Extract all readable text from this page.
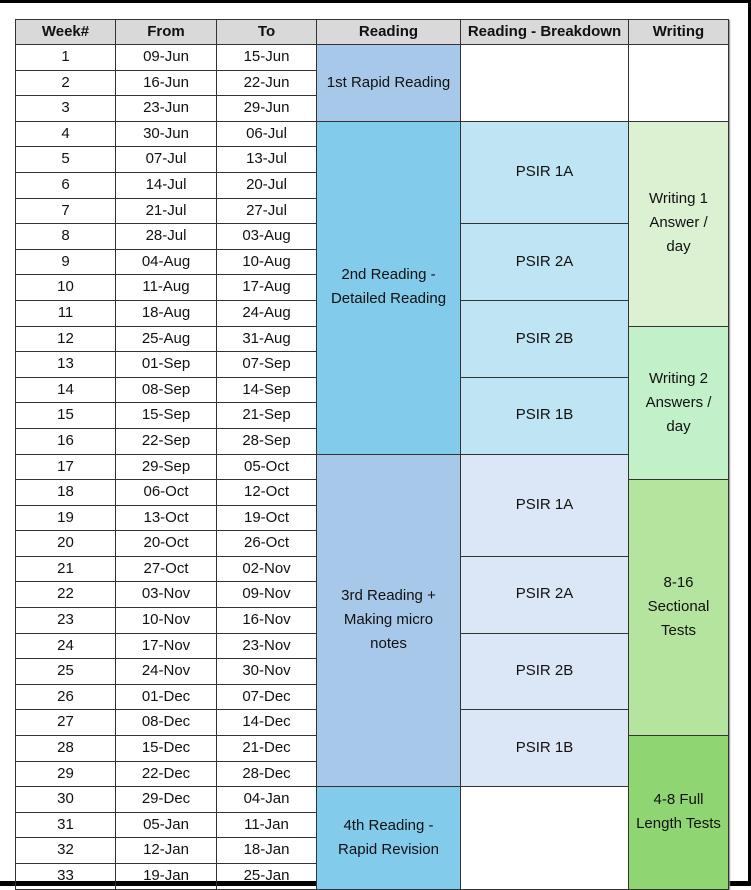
Week#	From	To	Reading	Reading - Breakdown	Writing
1	09-Jun	15-Jun	1st Rapid Reading		
2	16-Jun	22-Jun			
3	23-Jun	29-Jun			
4	30-Jun	06-Jul	2nd Reading - Detailed Reading	PSIR 1A	Writing 1 Answer / day
5	07-Jul	13-Jul			
6	14-Jul	20-Jul			
7	21-Jul	27-Jul			
8	28-Jul	03-Aug		PSIR 2A	
9	04-Aug	10-Aug			
10	11-Aug	17-Aug			
11	18-Aug	24-Aug		PSIR 2B	
12	25-Aug	31-Aug			Writing 2 Answers / day
13	01-Sep	07-Sep			
14	08-Sep	14-Sep		PSIR 1B	
15	15-Sep	21-Sep			
16	22-Sep	28-Sep			
17	29-Sep	05-Oct	3rd Reading + Making micro notes	PSIR 1A	
18	06-Oct	12-Oct			8-16 Sectional Tests
19	13-Oct	19-Oct			
20	20-Oct	26-Oct			
21	27-Oct	02-Nov		PSIR 2A	
22	03-Nov	09-Nov			
23	10-Nov	16-Nov			
24	17-Nov	23-Nov		PSIR 2B	
25	24-Nov	30-Nov			
26	01-Dec	07-Dec			
27	08-Dec	14-Dec		PSIR 1B	
28	15-Dec	21-Dec			4-8 Full Length Tests
29	22-Dec	28-Dec			
30	29-Dec	04-Jan	4th Reading - Rapid Revision		
31	05-Jan	11-Jan			
32	12-Jan	18-Jan			
33	19-Jan	25-Jan			
